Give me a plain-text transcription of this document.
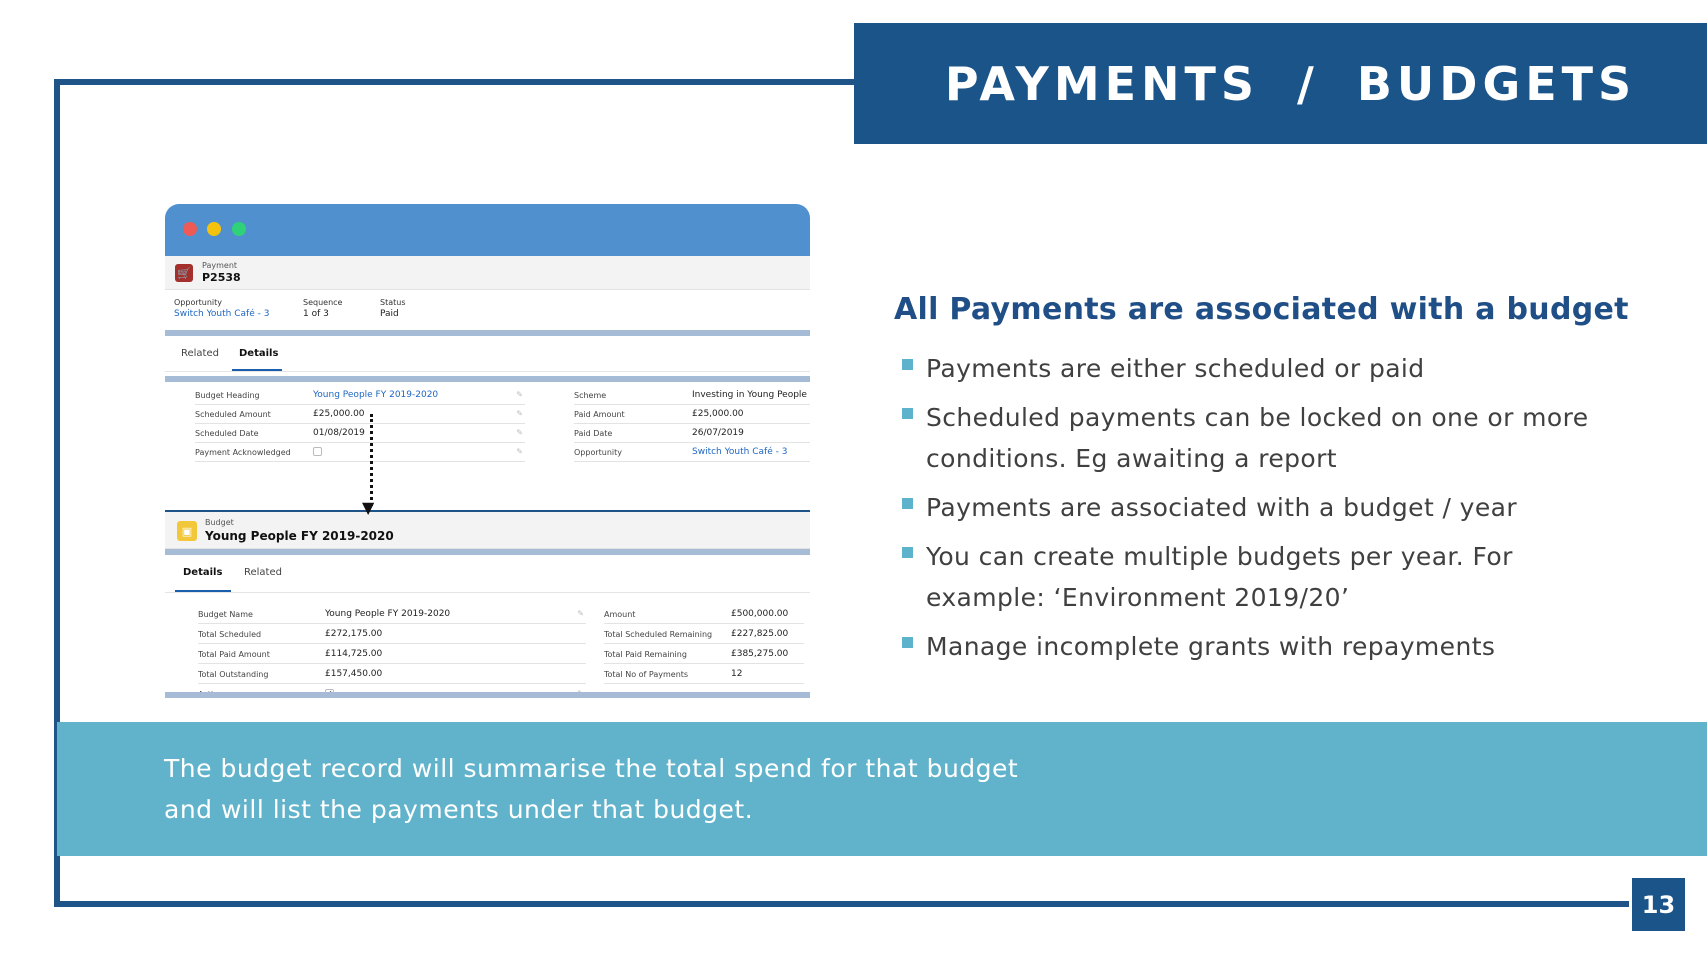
PAYMENTS / BUDGETS
🛒
Payment
P2538
Opportunity
Switch Youth Café - 3
Sequence
1 of 3
Status
Paid
Related Details
Budget Heading	Young People FY 2019-2020	✎
Scheduled Amount	£25,000.00	✎
Scheduled Date	01/08/2019	✎
Payment Acknowledged	✎
Scheme	Investing in Young People
Paid Amount	£25,000.00
Paid Date	26/07/2019
Opportunity	Switch Youth Café - 3
▣
Budget
Young People FY 2019-2020
Details Related
Budget Name	Young People FY 2019-2020	✎
Total Scheduled	£272,175.00
Total Paid Amount	£114,725.00
Total Outstanding	£157,450.00
Amount	£500,000.00
Total Scheduled Remaining £227,825.00
Total Paid Remaining	£385,275.00
Total No of Payments	12
▼
All Payments are associated with a budget
Payments are either scheduled or paid
Scheduled payments can be locked on one or more conditions. Eg awaiting a report
Payments are associated with a budget / year
You can create multiple budgets per year. For example: ‘Environment 2019/20’
Manage incomplete grants with repayments
The budget record will summarise the total spend for that budget and will list the payments under that budget.
13
